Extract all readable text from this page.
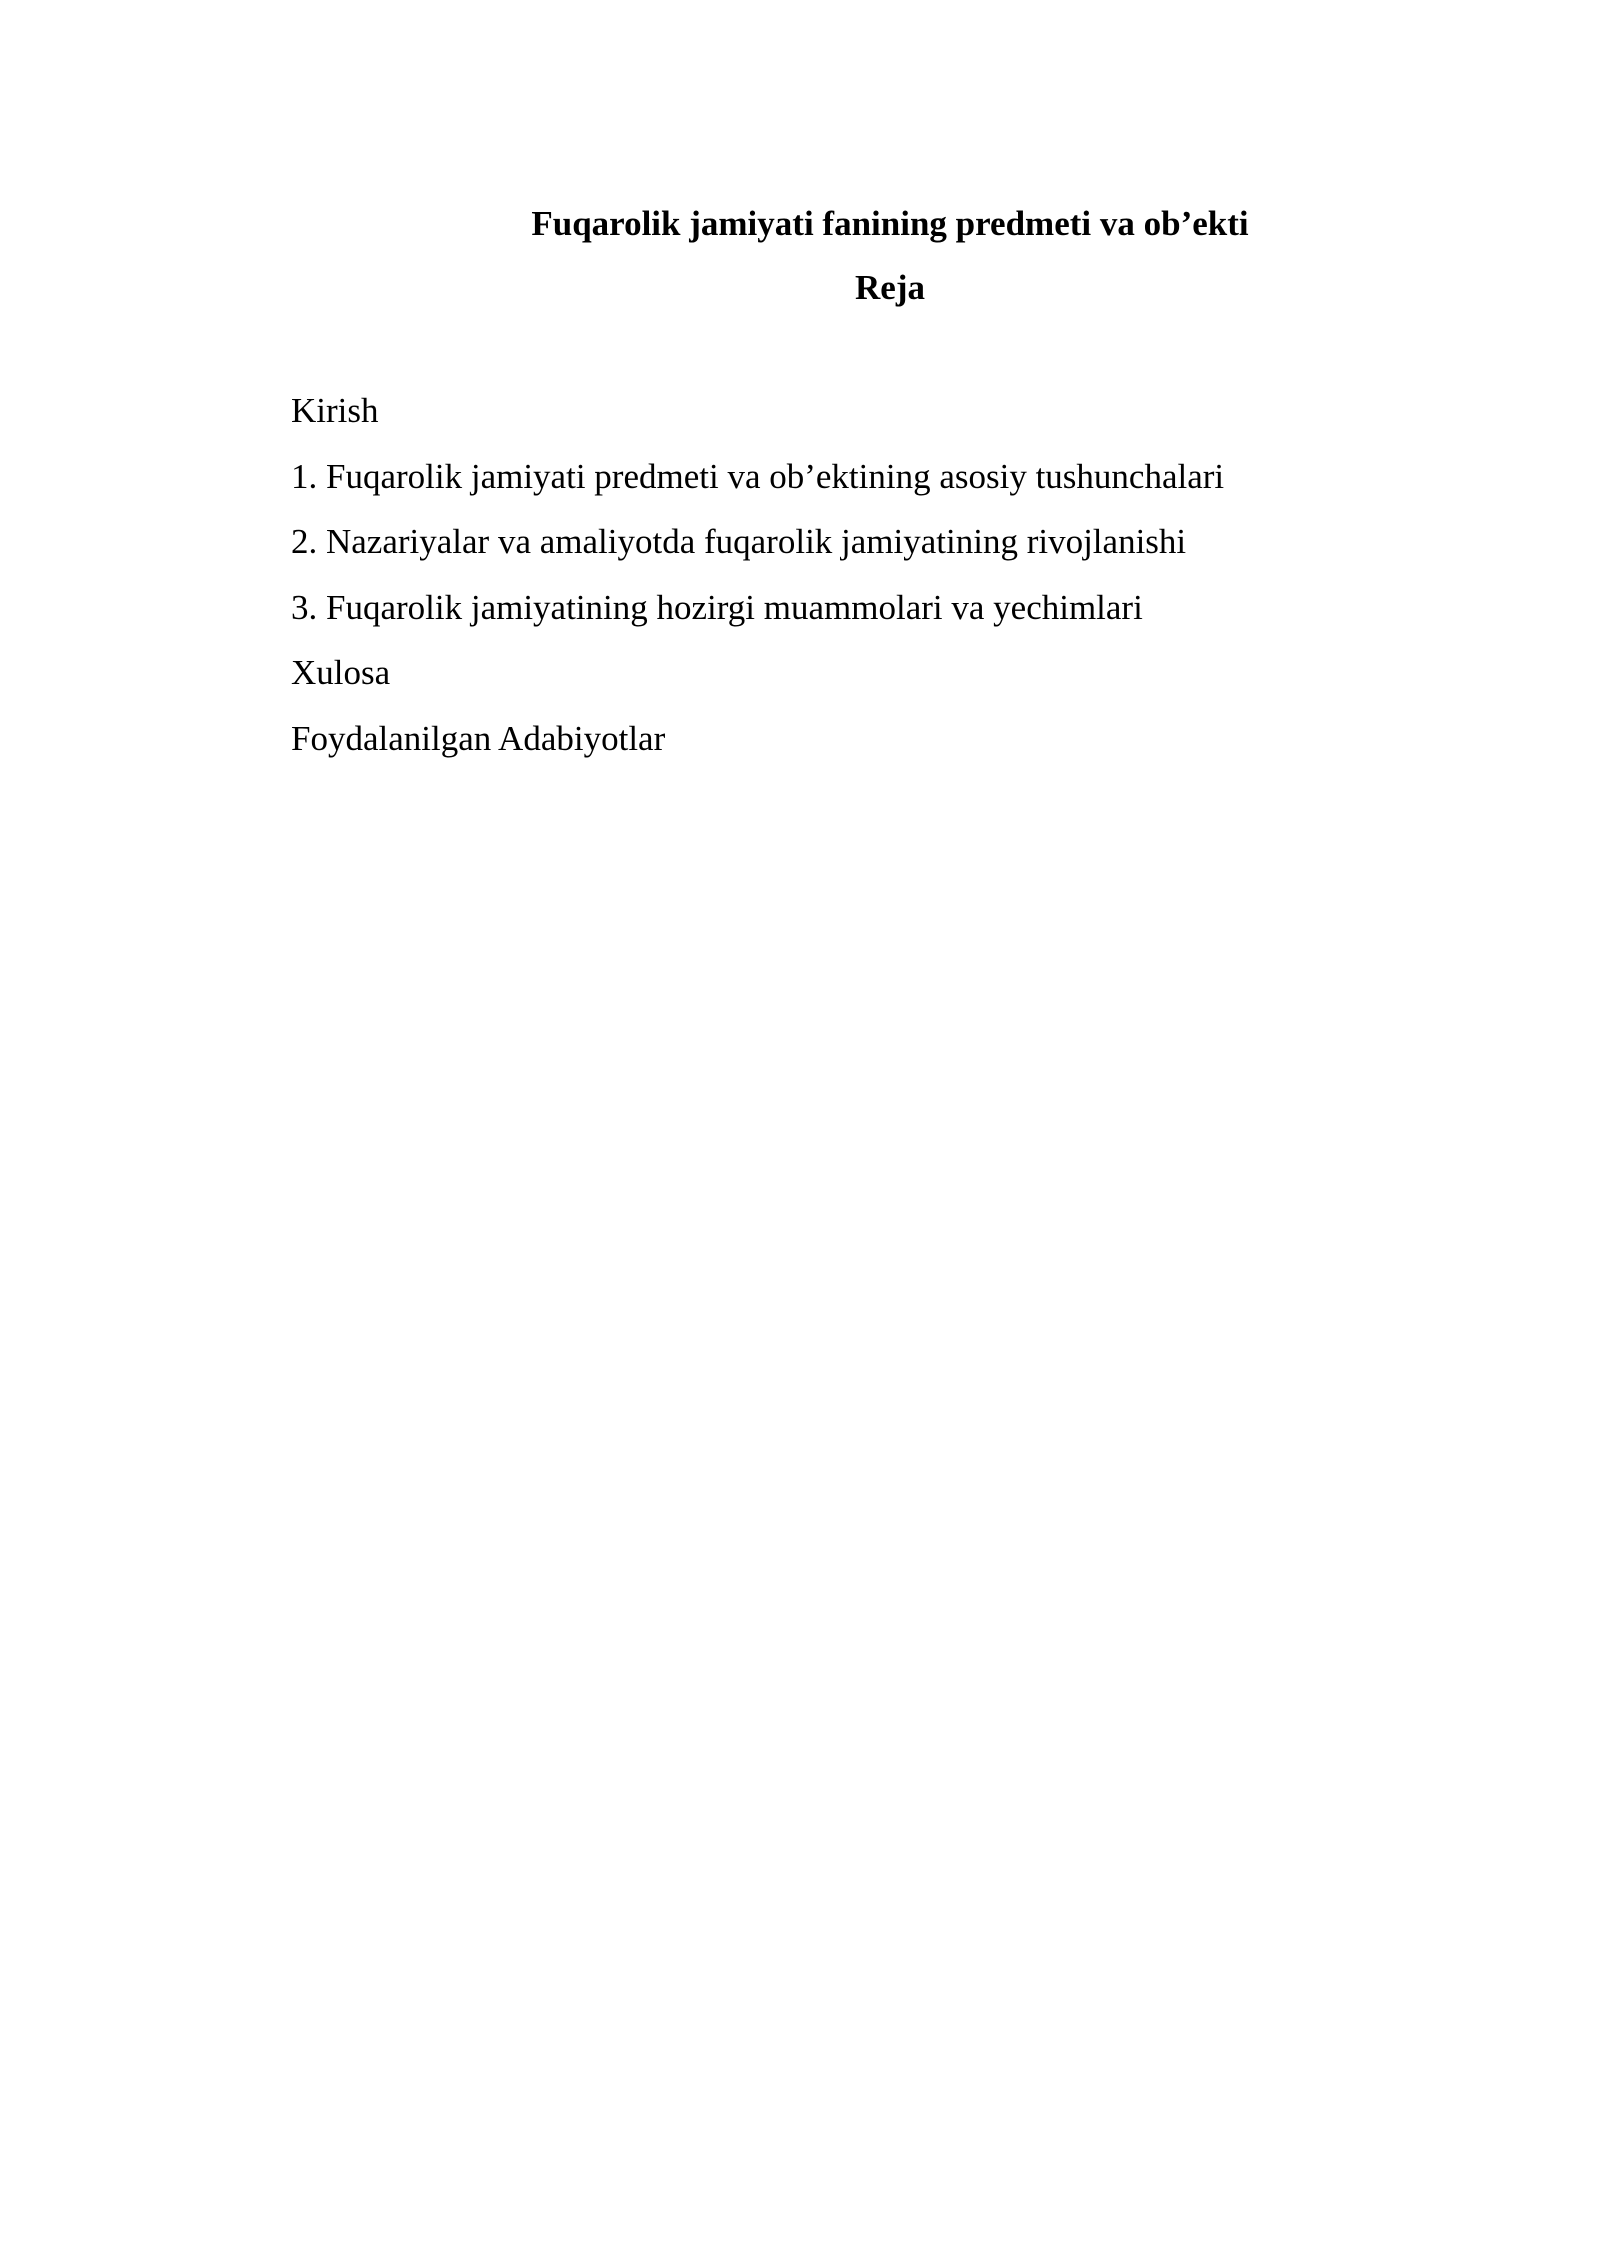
Fuqarolik jamiyati fanining predmeti va ob’ekti
Reja
Kirish
1. Fuqarolik jamiyati predmeti va ob’ektining asosiy tushunchalari
2. Nazariyalar va amaliyotda fuqarolik jamiyatining rivojlanishi
3. Fuqarolik jamiyatining hozirgi muammolari va yechimlari
Xulosa
Foydalanilgan Adabiyotlar
